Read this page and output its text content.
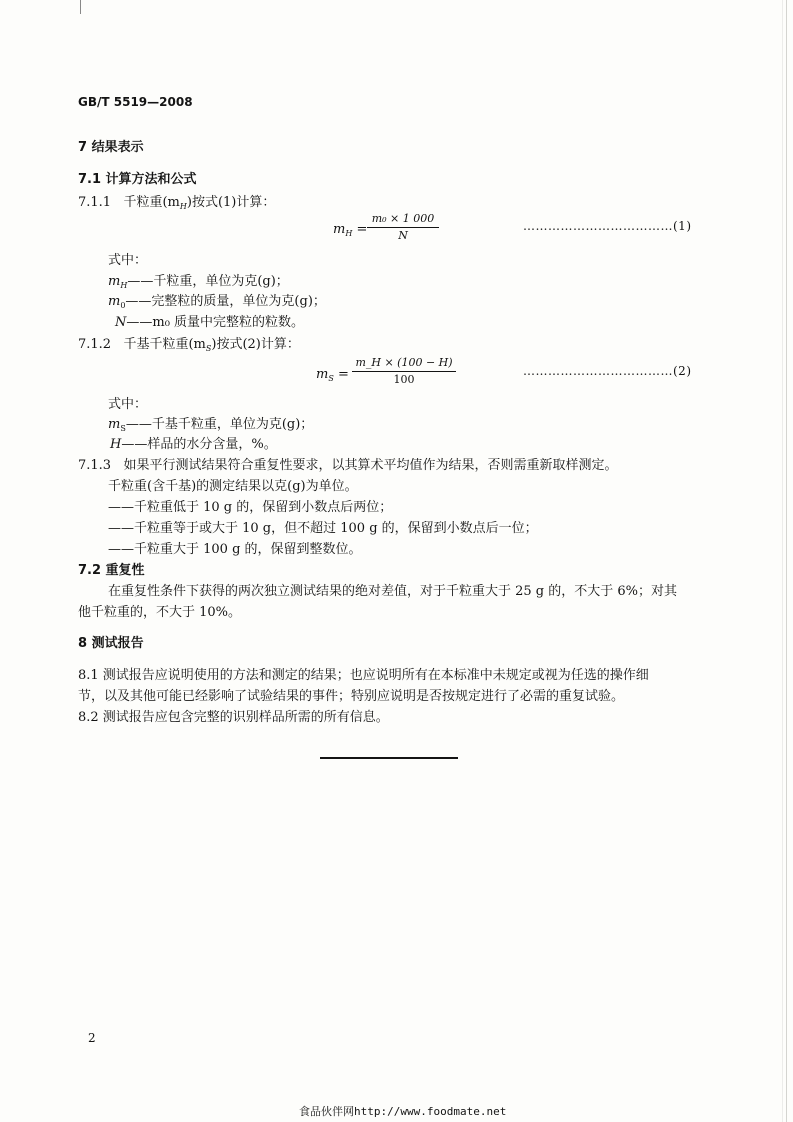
GB/T 5519—2008
7 结果表示
7.1 计算方法和公式
7.1.1 千粒重$(m_H)$按式(1)计算：
$m_H$ =
m₀ × 1 000
N
………………………………(1)
式中：
$m_H——$千粒重，单位为克(g)；
$m_0——$完整粒的质量，单位为克(g)；
N——m₀ 质量中完整粒的粒数。
7.1.2 千基千粒重$(m_S)$按式(2)计算：
$m_S$ =
m_H × (100 − H)
100
………………………………(2)
式中：
$m_S——$千基千粒重，单位为克(g)；
H——样品的水分含量，%。
7.1.3 如果平行测试结果符合重复性要求，以其算术平均值作为结果，否则需重新取样测定。
千粒重(含千基)的测定结果以克(g)为单位。
——千粒重低于 10 g 的，保留到小数点后两位；
——千粒重等于或大于 10 g，但不超过 100 g 的，保留到小数点后一位；
——千粒重大于 100 g 的，保留到整数位。
7.2 重复性
在重复性条件下获得的两次独立测试结果的绝对差值，对于千粒重大于 25 g 的，不大于 6%；对其
他千粒重的，不大于 10%。
8 测试报告
8.1 测试报告应说明使用的方法和测定的结果；也应说明所有在本标准中未规定或视为任选的操作细
节，以及其他可能已经影响了试验结果的事件；特别应说明是否按规定进行了必需的重复试验。
8.2 测试报告应包含完整的识别样品所需的所有信息。
2
食品伙伴网http://www.foodmate.net
